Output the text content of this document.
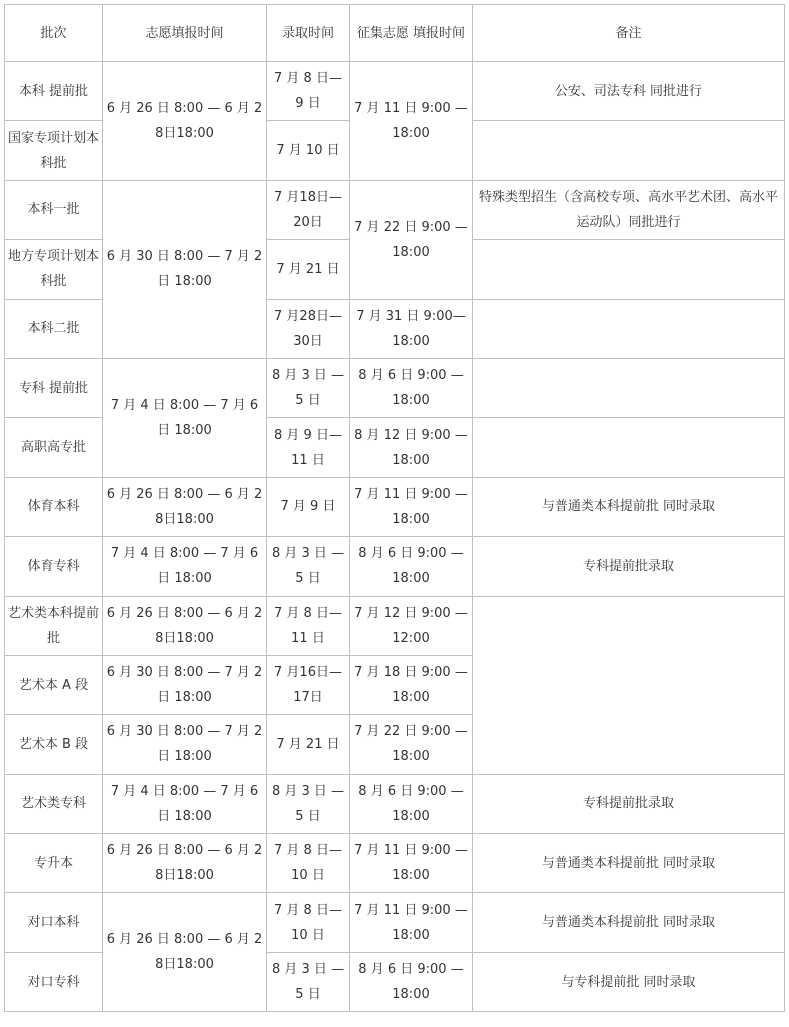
批次	志愿填报时间	录取时间	征集志愿 填报时间	备注
本科 提前批	6 月 26 日 8:00 — 6 月 28日18:00	7 月 8 日—9 日	7 月 11 日 9:00 — 18:00	公安、司法专科 同批进行
国家专项计划本科批		7 月 10 日		
本科一批	6 月 30 日 8:00 — 7 月 2 日 18:00	7 月18日—20日	7 月 22 日 9:00 — 18:00	特殊类型招生（含高校专项、高水平艺术团、高水平运动队）同批进行
地方专项计划本科批		7 月 21 日		
本科二批		7 月28日—30日	7 月 31 日 9:00— 18:00	
专科 提前批	7 月 4 日 8:00 — 7 月 6 日 18:00	8 月 3 日 — 5 日	8 月 6 日 9:00 — 18:00	
高职高专批		8 月 9 日— 11 日	8 月 12 日 9:00 — 18:00	
体育本科	6 月 26 日 8:00 — 6 月 28日18:00	7 月 9 日	7 月 11 日 9:00 — 18:00	与普通类本科提前批 同时录取
体育专科	7 月 4 日 8:00 — 7 月 6 日 18:00	8 月 3 日 — 5 日	8 月 6 日 9:00 — 18:00	专科提前批录取
艺术类本科提前批	6 月 26 日 8:00 — 6 月 28日18:00	7 月 8 日— 11 日	7 月 12 日 9:00 — 12:00	
艺术本 A 段	6 月 30 日 8:00 — 7 月 2 日 18:00	7 月16日— 17日	7 月 18 日 9:00 — 18:00	
艺术本 B 段	6 月 30 日 8:00 — 7 月 2 日 18:00	7 月 21 日	7 月 22 日 9:00 — 18:00	
艺术类专科	7 月 4 日 8:00 — 7 月 6 日 18:00	8 月 3 日 — 5 日	8 月 6 日 9:00 — 18:00	专科提前批录取
专升本	6 月 26 日 8:00 — 6 月 28日18:00	7 月 8 日— 10 日	7 月 11 日 9:00 — 18:00	与普通类本科提前批 同时录取
对口本科	6 月 26 日 8:00 — 6 月 28日18:00	7 月 8 日— 10 日	7 月 11 日 9:00 — 18:00	与普通类本科提前批 同时录取
对口专科		8 月 3 日 — 5 日	8 月 6 日 9:00 — 18:00	与专科提前批 同时录取
